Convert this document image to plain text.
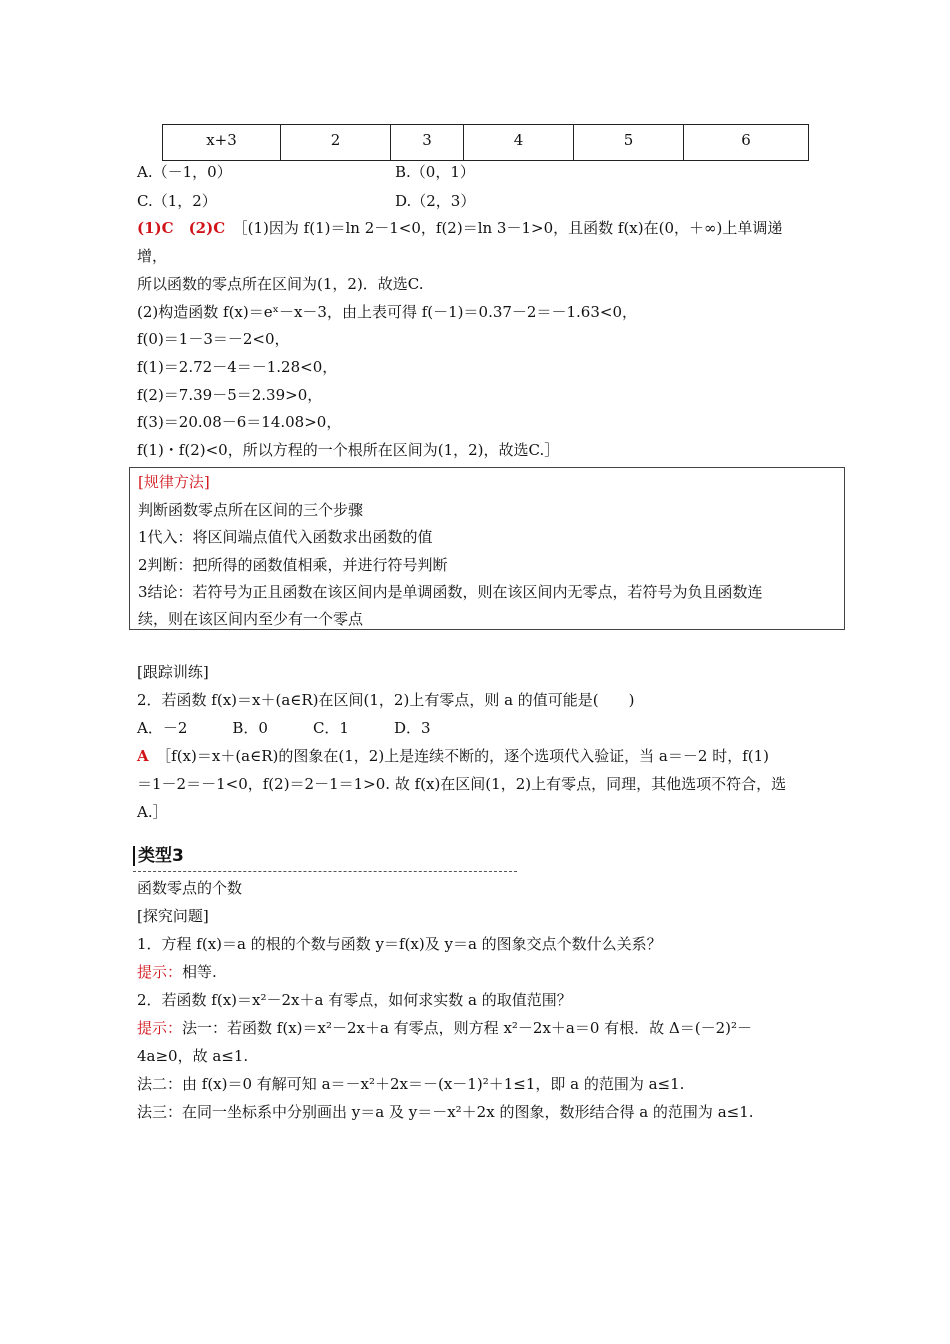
x+3	2	3	4	5	6
A.（－1，0）	B.（0，1）
C.（1，2）	D.（2，3）
(1)C　(2)C　 ［(1)因为 f(1)＝ln 2－1<0，f(2)＝ln 3－1>0，且函数 f(x)在(0，＋∞)上单调递
增，
所以函数的零点所在区间为(1，2)．故选C.
(2)构造函数 f(x)＝eˣ－x－3，由上表可得 f(－1)＝0.37－2＝－1.63<0，
f(0)＝1－3＝－2<0，
f(1)＝2.72－4＝－1.28<0，
f(2)＝7.39－5＝2.39>0，
f(3)＝20.08－6＝14.08>0，
f(1)・f(2)<0，所以方程的一个根所在区间为(1，2)，故选C.］
[规律方法]
判断函数零点所在区间的三个步骤
1代入：将区间端点值代入函数求出函数的值
2判断：把所得的函数值相乘，并进行符号判断
3结论：若符号为正且函数在该区间内是单调函数，则在该区间内无零点，若符号为负且函数连
续，则在该区间内至少有一个零点
[跟踪训练]
2．若函数 f(x)＝x＋(a∈R)在区间(1，2)上有零点，则 a 的值可能是(　　)
A．－2　　　B．0　　　C．1　　　D．3
A　 ［f(x)＝x＋(a∈R)的图象在(1，2)上是连续不断的，逐个选项代入验证，当 a＝－2 时，f(1)
＝1－2＝－1<0，f(2)＝2－1＝1>0. 故 f(x)在区间(1，2)上有零点，同理，其他选项不符合，选
A.］
类型3
函数零点的个数
[探究问题]
1．方程 f(x)＝a 的根的个数与函数 y＝f(x)及 y＝a 的图象交点个数什么关系？
提示：相等.
2．若函数 f(x)＝x²－2x＋a 有零点，如何求实数 a 的取值范围？
提示：法一：若函数 f(x)＝x²－2x＋a 有零点，则方程 x²－2x＋a＝0 有根．故 Δ＝(－2)²－
4a≥0，故 a≤1.
法二：由 f(x)＝0 有解可知 a＝－x²＋2x＝－(x－1)²＋1≤1，即 a 的范围为 a≤1.
法三：在同一坐标系中分别画出 y＝a 及 y＝－x²＋2x 的图象，数形结合得 a 的范围为 a≤1.
